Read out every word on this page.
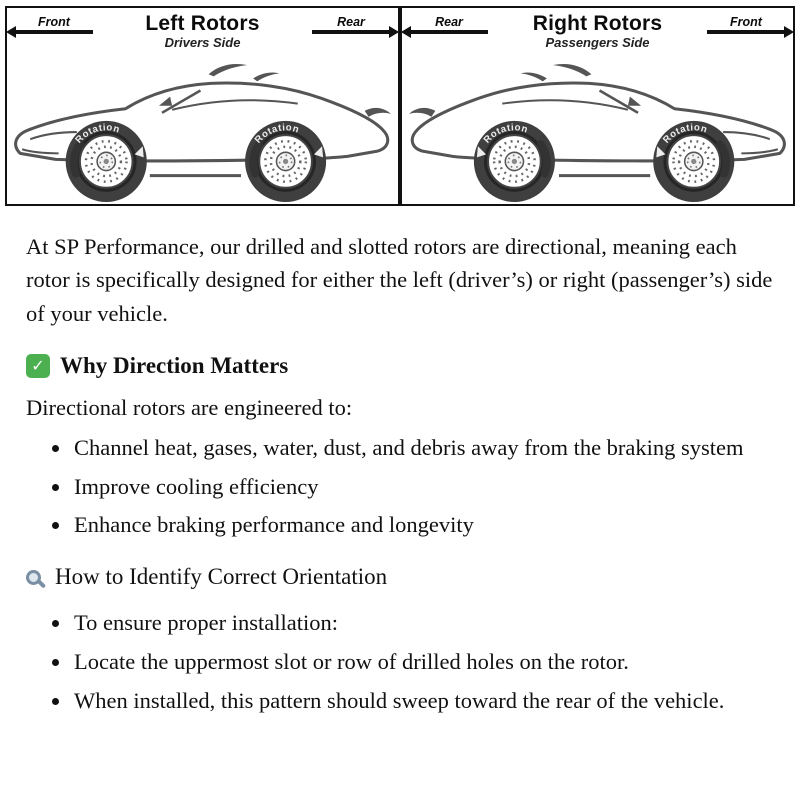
Front	Left Rotors
Drivers Side
Rear
Rotation
Rotation
Rear	Right Rotors
Passengers Side
Front
Rotation
Rotation

At SP Performance, our drilled and slotted rotors are directional, meaning each rotor is specifically designed for either the left (driver’s) or right (passenger’s) side of your vehicle.

✓ Why Direction Matters

Directional rotors are engineered to:

• Channel heat, gases, water, dust, and debris away from the braking system
• Improve cooling efficiency
• Enhance braking performance and longevity
How to Identify Correct Orientation
• To ensure proper installation:
• Locate the uppermost slot or row of drilled holes on the rotor.
• When installed, this pattern should sweep toward the rear of the vehicle.
